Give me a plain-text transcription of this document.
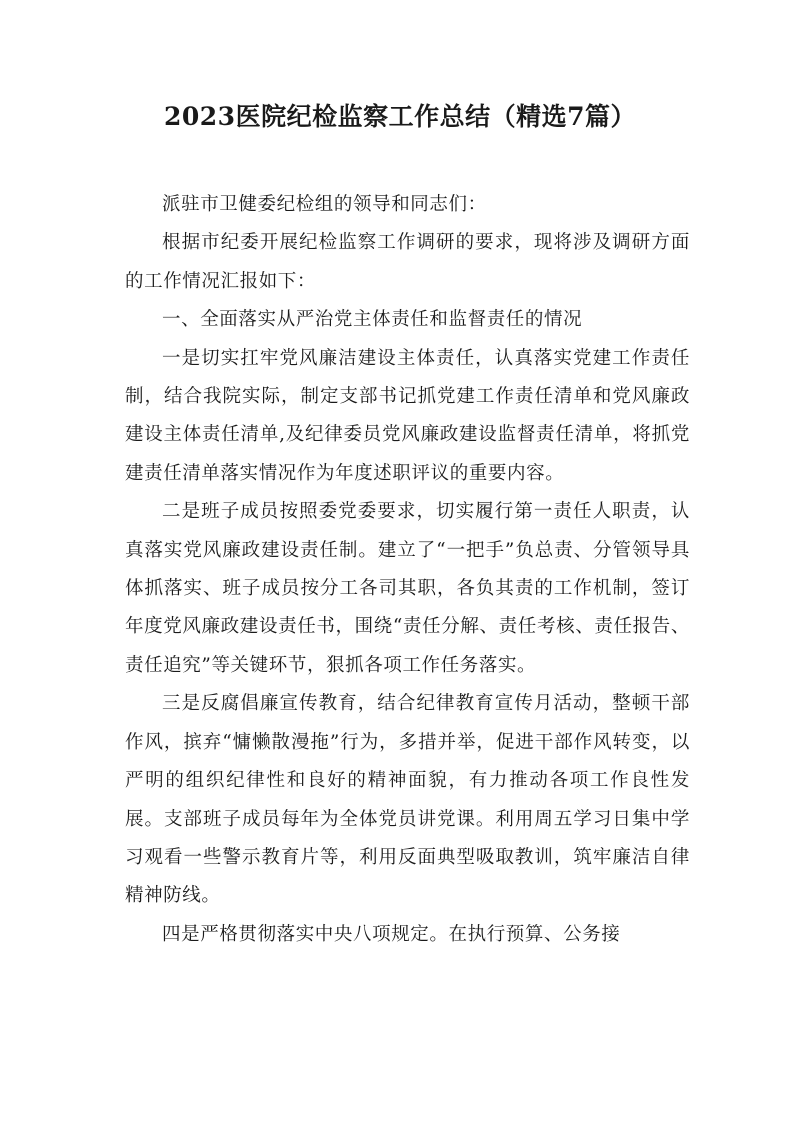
2023医院纪检监察工作总结（精选7篇）

派驻市卫健委纪检组的领导和同志们：

根据市纪委开展纪检监察工作调研的要求，现将涉及调研方面的工作情况汇报如下：

一、全面落实从严治党主体责任和监督责任的情况

一是切实扛牢党风廉洁建设主体责任，认真落实党建工作责任制，结合我院实际，制定支部书记抓党建工作责任清单和党风廉政建设主体责任清单,及纪律委员党风廉政建设监督责任清单，将抓党建责任清单落实情况作为年度述职评议的重要内容。

二是班子成员按照委党委要求，切实履行第一责任人职责，认真落实党风廉政建设责任制。建立了“一把手”负总责、分管领导具体抓落实、班子成员按分工各司其职，各负其责的工作机制，签订年度党风廉政建设责任书，围绕“责任分解、责任考核、责任报告、责任追究”等关键环节，狠抓各项工作任务落实。

三是反腐倡廉宣传教育，结合纪律教育宣传月活动，整顿干部作风，摈弃“慵懒散漫拖”行为，多措并举，促进干部作风转变，以严明的组织纪律性和良好的精神面貌，有力推动各项工作良性发展。支部班子成员每年为全体党员讲党课。利用周五学习日集中学习观看一些警示教育片等，利用反面典型吸取教训，筑牢廉洁自律精神防线。

四是严格贯彻落实中央八项规定。在执行预算、公务接
